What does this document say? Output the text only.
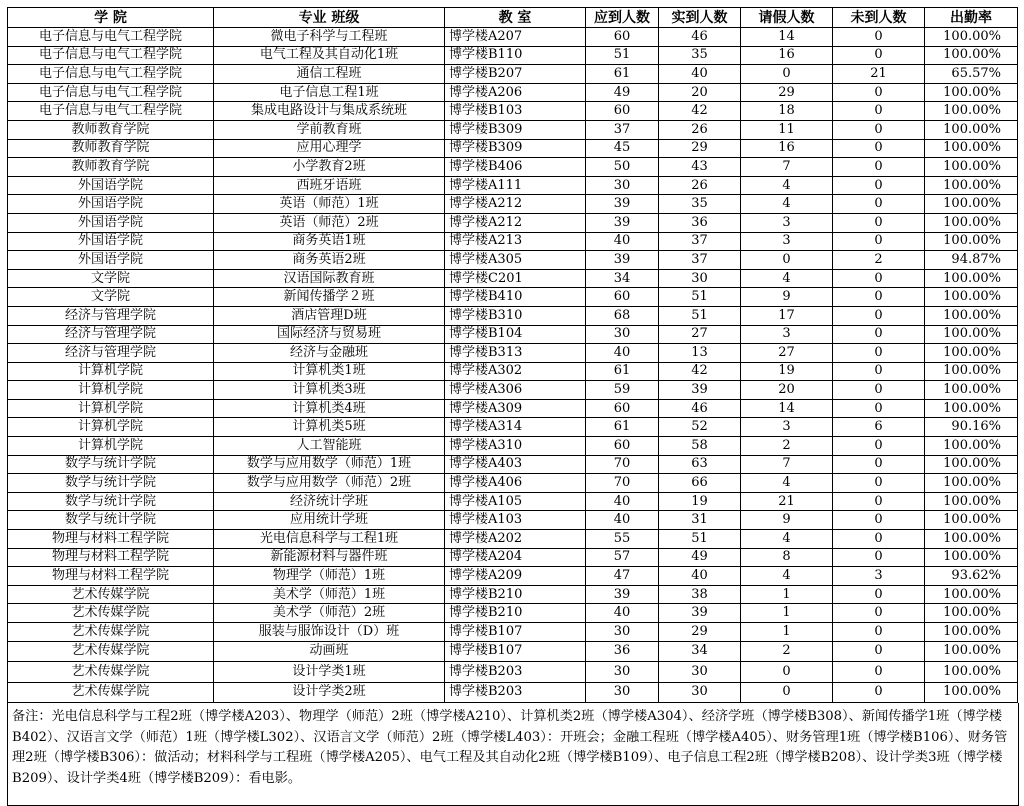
学 院	专业 班级	教 室	应到人数	实到人数	请假人数	未到人数	出勤率
电子信息与电气工程学院	微电子科学与工程班	博学楼A207	60	46	14	0	100.00%
电子信息与电气工程学院	电气工程及其自动化1班	博学楼B110	51	35	16	0	100.00%
电子信息与电气工程学院	通信工程班	博学楼B207	61	40	0	21	65.57%
电子信息与电气工程学院	电子信息工程1班	博学楼A206	49	20	29	0	100.00%
电子信息与电气工程学院	集成电路设计与集成系统班	博学楼B103	60	42	18	0	100.00%
教师教育学院	学前教育班	博学楼B309	37	26	11	0	100.00%
教师教育学院	应用心理学	博学楼B309	45	29	16	0	100.00%
教师教育学院	小学教育2班	博学楼B406	50	43	7	0	100.00%
外国语学院	西班牙语班	博学楼A111	30	26	4	0	100.00%
外国语学院	英语（师范）1班	博学楼A212	39	35	4	0	100.00%
外国语学院	英语（师范）2班	博学楼A212	39	36	3	0	100.00%
外国语学院	商务英语1班	博学楼A213	40	37	3	0	100.00%
外国语学院	商务英语2班	博学楼A305	39	37	0	2	94.87%
文学院	汉语国际教育班	博学楼C201	34	30	4	0	100.00%
文学院	新闻传播学２班	博学楼B410	60	51	9	0	100.00%
经济与管理学院	酒店管理D班	博学楼B310	68	51	17	0	100.00%
经济与管理学院	国际经济与贸易班	博学楼B104	30	27	3	0	100.00%
经济与管理学院	经济与金融班	博学楼B313	40	13	27	0	100.00%
计算机学院	计算机类1班	博学楼A302	61	42	19	0	100.00%
计算机学院	计算机类3班	博学楼A306	59	39	20	0	100.00%
计算机学院	计算机类4班	博学楼A309	60	46	14	0	100.00%
计算机学院	计算机类5班	博学楼A314	61	52	3	6	90.16%
计算机学院	人工智能班	博学楼A310	60	58	2	0	100.00%
数学与统计学院	数学与应用数学（师范）1班	博学楼A403	70	63	7	0	100.00%
数学与统计学院	数学与应用数学（师范）2班	博学楼A406	70	66	4	0	100.00%
数学与统计学院	经济统计学班	博学楼A105	40	19	21	0	100.00%
数学与统计学院	应用统计学班	博学楼A103	40	31	9	0	100.00%
物理与材料工程学院	光电信息科学与工程1班	博学楼A202	55	51	4	0	100.00%
物理与材料工程学院	新能源材料与器件班	博学楼A204	57	49	8	0	100.00%
物理与材料工程学院	物理学（师范）1班	博学楼A209	47	40	4	3	93.62%
艺术传媒学院	美术学（师范）1班	博学楼B210	39	38	1	0	100.00%
艺术传媒学院	美术学（师范）2班	博学楼B210	40	39	1	0	100.00%
艺术传媒学院	服装与服饰设计（D）班	博学楼B107	30	29	1	0	100.00%
艺术传媒学院	动画班	博学楼B107	36	34	2	0	100.00%
艺术传媒学院	设计学类1班	博学楼B203	30	30	0	0	100.00%
艺术传媒学院	设计学类2班	博学楼B203	30	30	0	0	100.00%
备注：光电信息科学与工程2班（博学楼A203）、物理学（师范）2班（博学楼A210）、计算机类2班（博学楼A304）、经济学班（博学楼B308）、新闻传播学1班（博学楼B402）、汉语言文学（师范）1班（博学楼L302）、汉语言文学（师范）2班（博学楼L403）：开班会；金融工程班（博学楼A405）、财务管理1班（博学楼B106）、财务管理2班（博学楼B306）：做活动；材料科学与工程班（博学楼A205）、电气工程及其自动化2班（博学楼B109）、电子信息工程2班（博学楼B208）、设计学类3班（博学楼B209）、设计学类4班（博学楼B209）：看电影。
